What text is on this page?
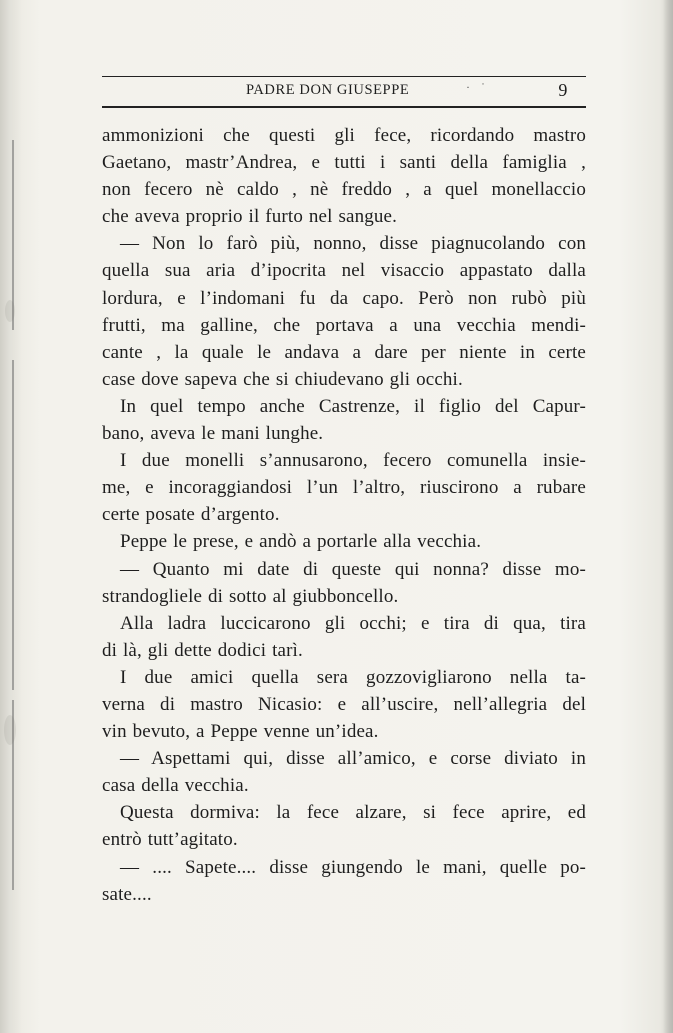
PADRE DON GIUSEPPE	· ˙	9
ammonizioni che questi gli fece, ricordando mastro
Gaetano, mastr’Andrea, e tutti i santi della famiglia ,
non fecero nè caldo , nè freddo , a quel monellaccio
che aveva proprio il furto nel sangue.
— Non lo farò più, nonno, disse piagnucolando con
quella sua aria d’ipocrita nel visaccio appastato dalla
lordura, e l’indomani fu da capo. Però non rubò più
frutti, ma galline, che portava a una vecchia mendi-
cante , la quale le andava a dare per niente in certe
case dove sapeva che si chiudevano gli occhi.
In quel tempo anche Castrenze, il figlio del Capur-
bano, aveva le mani lunghe.
I due monelli s’annusarono, fecero comunella insie-
me, e incoraggiandosi l’un l’altro, riuscirono a rubare
certe posate d’argento.
Peppe le prese, e andò a portarle alla vecchia.
— Quanto mi date di queste qui nonna? disse mo-
strandogliele di sotto al giubboncello.
Alla ladra luccicarono gli occhi; e tira di qua, tira
di là, gli dette dodici tarì.
I due amici quella sera gozzovigliarono nella ta-
verna di mastro Nicasio: e all’uscire, nell’allegria del
vin bevuto, a Peppe venne un’idea.
— Aspettami qui, disse all’amico, e corse diviato in
casa della vecchia.
Questa dormiva: la fece alzare, si fece aprire, ed
entrò tutt’agitato.
— .... Sapete.... disse giungendo le mani, quelle po-
sate....
